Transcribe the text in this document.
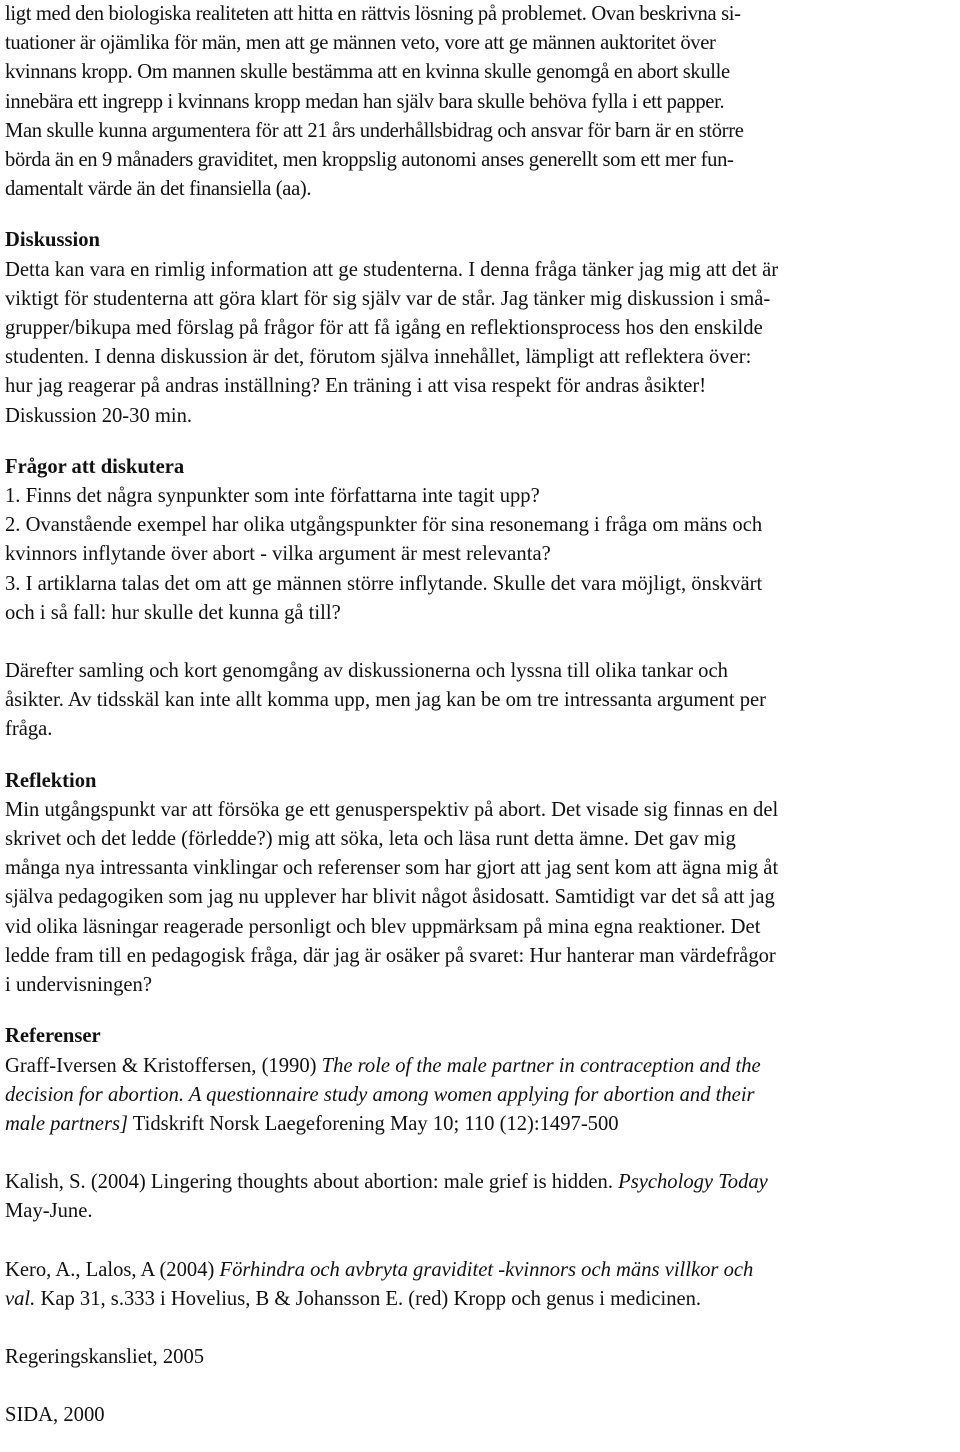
ligt med den biologiska realiteten att hitta en rättvis lösning på problemet. Ovan beskrivna si-
tuationer är ojämlika för män, men att ge männen veto, vore att ge männen auktoritet över
kvinnans kropp. Om mannen skulle bestämma att en kvinna skulle genomgå en abort skulle
innebära ett ingrepp i kvinnans kropp medan han själv bara skulle behöva fylla i ett papper.
Man skulle kunna argumentera för att 21 års underhållsbidrag och ansvar för barn är en större
börda än en 9 månaders graviditet, men kroppslig autonomi anses generellt som ett mer fun-
damentalt värde än det finansiella (aa).
Diskussion
Detta kan vara en rimlig information att ge studenterna. I denna fråga tänker jag mig att det är
viktigt för studenterna att göra klart för sig själv var de står. Jag tänker mig diskussion i små-
grupper/bikupa med förslag på frågor för att få igång en reflektionsprocess hos den enskilde
studenten. I denna diskussion är det, förutom själva innehållet, lämpligt att reflektera över:
hur jag reagerar på andras inställning? En träning i att visa respekt för andras åsikter!
Diskussion 20-30 min.
Frågor att diskutera
1. Finns det några synpunkter som inte författarna inte tagit upp?
2. Ovanstående exempel har olika utgångspunkter för sina resonemang i fråga om mäns och
kvinnors inflytande över abort - vilka argument är mest relevanta?
3. I artiklarna talas det om att ge männen större inflytande. Skulle det vara möjligt, önskvärt
och i så fall: hur skulle det kunna gå till?
Därefter samling och kort genomgång av diskussionerna och lyssna till olika tankar och
åsikter. Av tidsskäl kan inte allt komma upp, men jag kan be om tre intressanta argument per
fråga.
Reflektion
Min utgångspunkt var att försöka ge ett genusperspektiv på abort. Det visade sig finnas en del
skrivet och det ledde (förledde?) mig att söka, leta och läsa runt detta ämne. Det gav mig
många nya intressanta vinklingar och referenser som har gjort att jag sent kom att ägna mig åt
själva pedagogiken som jag nu upplever har blivit något åsidosatt. Samtidigt var det så att jag
vid olika läsningar reagerade personligt och blev uppmärksam på mina egna reaktioner. Det
ledde fram till en pedagogisk fråga, där jag är osäker på svaret: Hur hanterar man värdefrågor
i undervisningen?
Referenser
Graff-Iversen & Kristoffersen, (1990) The role of the male partner in contraception and the
decision for abortion. A questionnaire study among women applying for abortion and their
male partners] Tidskrift Norsk Laegeforening May 10; 110 (12):1497-500
Kalish, S. (2004) Lingering thoughts about abortion: male grief is hidden. Psychology Today
May-June.
Kero, A., Lalos, A (2004) Förhindra och avbryta graviditet -kvinnors och mäns villkor och
val. Kap 31, s.333 i Hovelius, B & Johansson E. (red) Kropp och genus i medicinen.
Regeringskansliet, 2005
SIDA, 2000
